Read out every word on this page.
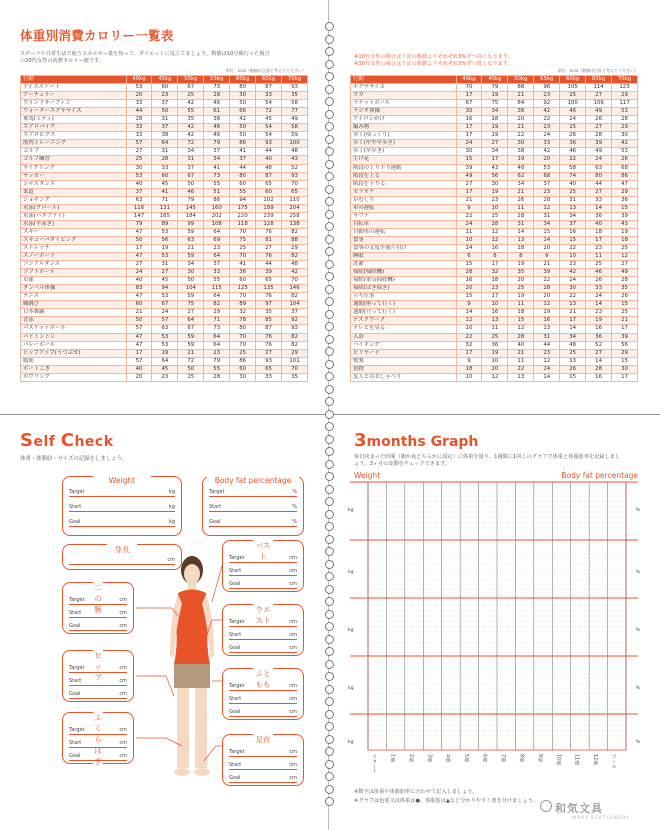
体重別消費カロリー一覧表
スポーツや日常生活で使うエネルギー量を知って、ダイエットに役立てましょう。数値は10分間行った場合の20代女性の消費カロリー値です。
単位：kcal（数値は目安と考えてください）
行動	40kg	45kg	50kg	55kg	60kg	65kg	70kg
アイススケート	53	60	67	73	80	87	93
アーチェリー	20	23	25	28	30	33	35
ウインドサーフィン	33	37	42	46	50	54	58
ウォーターエクササイズ	44	50	55	61	66	72	77
乗馬(ミディ)	28	31	35	38	42	45	49
エアロバイク	33	37	42	46	50	54	58
エアロビクス	33	38	42	46	50	54	59
筋肉トレーニング	57	64	72	79	86	93	100
ゴルフ	27	31	34	37	41	44	48
ゴルフ練習	25	28	31	34	37	40	43
サイクリング	30	33	37	41	44	48	52
サッカー	53	60	67	73	80	87	93
ジャズダンス	40	45	50	55	60	65	70
柔道	37	41	46	51	55	60	65
ジョギング	63	71	79	86	94	102	110
水泳(クロール)	116	131	145	160	175	189	204
水泳(バタフライ)	147	165	184	202	220	239	258
水泳(平泳ぎ)	79	89	99	108	118	128	138
スキー	47	53	59	64	70	76	82
スキューバダイビング	50	56	63	69	75	81	88
ストレッチ	17	19	21	23	25	27	29
スノーボード	47	53	59	64	70	76	82
ソシアルダンス	27	31	34	37	41	44	48
ソフトボール	24	27	30	33	36	39	42
卓球	40	45	50	55	60	65	70
ダンベル体操	83	94	104	115	125	135	146
テニス	47	53	59	64	70	76	82
縄跳び	60	67	75	82	89	97	104
日本舞踊	21	24	27	29	32	35	37
背泳	50	57	64	71	78	85	92
バスケットボール	57	63	67	73	80	87	93
バドミントン	47	53	59	64	70	76	82
バレーボール	47	53	59	64	70	76	82
ヒップアップ(うつぶせ)	17	19	21	23	25	27	29
腹筋	57	64	72	79	86	93	101
ボートこぎ	40	45	50	55	60	65	70
ボウリング	20	23	25	28	30	33	35
※10代女性の場合は下記の数値よりそれぞれ5%ずつ高くなります。
※30代女性の場合は下記の数値よりそれぞれ5%ずつ低くなります。
単位：kcal（数値は目安と考えてください）
行動	40kg	45kg	50kg	55kg	60kg	65kg	70kg
ボクササイズ	70	79	88	96	105	114	123
ヨガ	17	19	21	23	25	27	29
ラケットボール	67	75	84	92	100	109	117
ラジオ体操	30	34	38	42	46	49	53
アイロンがけ	16	18	20	22	24	26	28
編み物	17	19	21	23	25	27	29
歩く(ゆっくり)	17	19	22	24	26	28	30
歩く(やや早歩き)	24	27	30	33	36	39	42
歩く(早歩き)	30	34	38	42	46	49	53
生け花	15	17	19	20	22	24	26
階段の上り下り運動	39	43	48	53	58	63	68
階段を上る	49	56	62	68	74	80	86
階段を下りる	27	30	34	37	40	44	47
カラオケ	17	19	21	23	25	27	29
草むしり	21	23	26	28	31	33	36
車の運転	9	10	11	12	13	14	15
サウナ	22	25	28	31	34	36	39
自転車	24	28	31	34	37	40	43
自動車の運転	11	12	14	15	16	18	19
食事	10	12	13	14	15	17	18
食事の支度や後片付け	14	16	18	20	22	23	25
睡眠	6	8	8	9	10	11	12
洗濯	15	17	19	21	23	25	27
掃除(掃除機)	28	32	35	39	42	46	49
掃除(電気掃除機)	16	18	20	22	24	26	28
掃除(はき掃き)	20	23	25	28	30	33	35
立ち仕事	15	17	19	20	22	24	26
通勤(座って行く)	9	10	11	12	13	14	15
通勤(立って行く)	14	16	18	19	21	23	25
デスクワーク	12	13	15	16	17	19	21
テレビを見る	10	11	12	13	14	16	17
入浴	22	25	28	31	34	36	39
ハイキング	32	36	40	44	48	52	56
ビリヤード	17	19	21	23	25	27	29
勉強	9	10	11	12	13	14	15
買物	18	20	22	24	26	28	30
友人とのおしゃべり	10	12	13	14	15	16	17
Self Check
体重・体脂肪・サイズの記録をしましょう。
Weight
Target	kg
Start	kg
Goal	kg
Body fat percentage
Target	%
Start	%
Goal	%
身長
cm
二の腕
Target	cm
Start	cm
Goal	cm
ヒップ
Target	cm
Start	cm
Goal	cm
ふくらはぎ
Target	cm
Start	cm
Goal	cm
バスト
Target	cm
Start	cm
Goal	cm
ウエスト
Target	cm
Start	cm
Goal	cm
ふともも
Target	cm
Start	cm
Goal	cm
足首
Target	cm
Start	cm
Goal	cm
3months Graph
毎日決まった時間（朝か夜どちらかに設定）に体重を量り、1週間に1回このグラフで体重と体脂肪率を記録しましょう。3ヶ月の変動をチェックできます。
Weight	Body fat percentage
kg	%
kg	%
kg	%
kg	%
kg	%
スタート	1週	2週	3週	4週	5週	6週	7週	8週	9週	10週	11週	12週	ゴール
※数字は体重や体脂肪率に合わせて記入しましょう。
※グラフは色別又は体重は●、体脂肪は▲など分かりやすく書き分けましょう。
和気文具
WAKI STATIONERY
